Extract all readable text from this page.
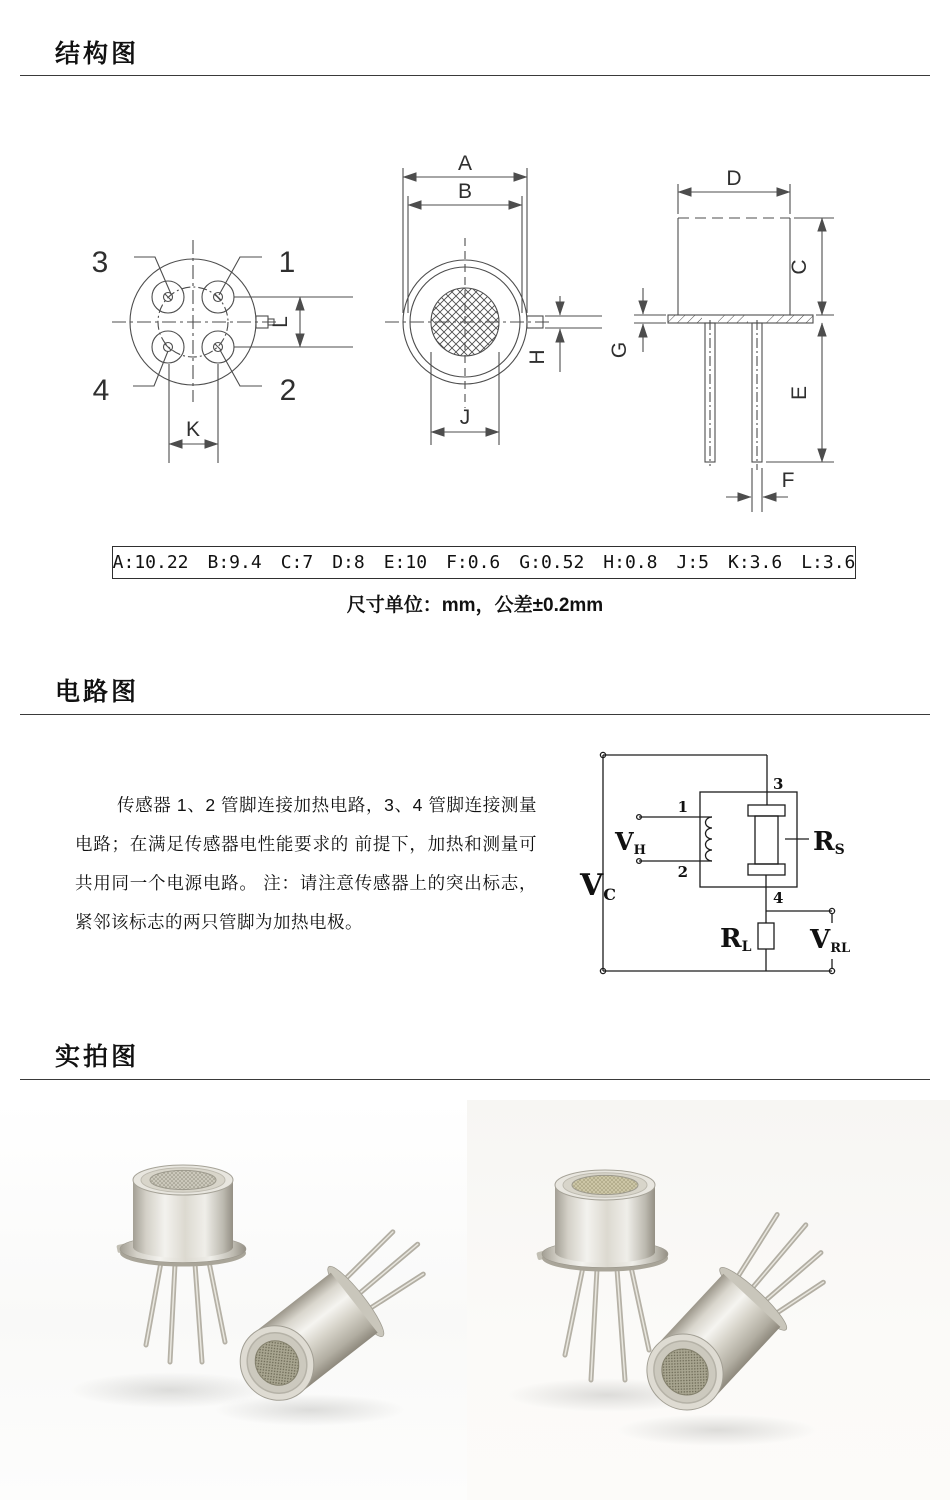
结构图
3	1
4	2
L
K
A
B
H
J
D
C
G
E
F
A:10.22 B:9.4 C:7 D:8 E:10 F:0.6 G:0.52 H:0.8 J:5 K:3.6 L:3.6
尺寸单位：mm，公差±0.2mm
电路图
传感器 1、2 管脚连接加热电路，3、4 管脚连接测量
电路；在满足传感器电性能要求的 前提下，加热和测量可
共用同一个电源电路。 注：请注意传感器上的突出标志，
紧邻该标志的两只管脚为加热电极。
VC
VH	RS
RL VRL
1
2
3
4
实拍图
